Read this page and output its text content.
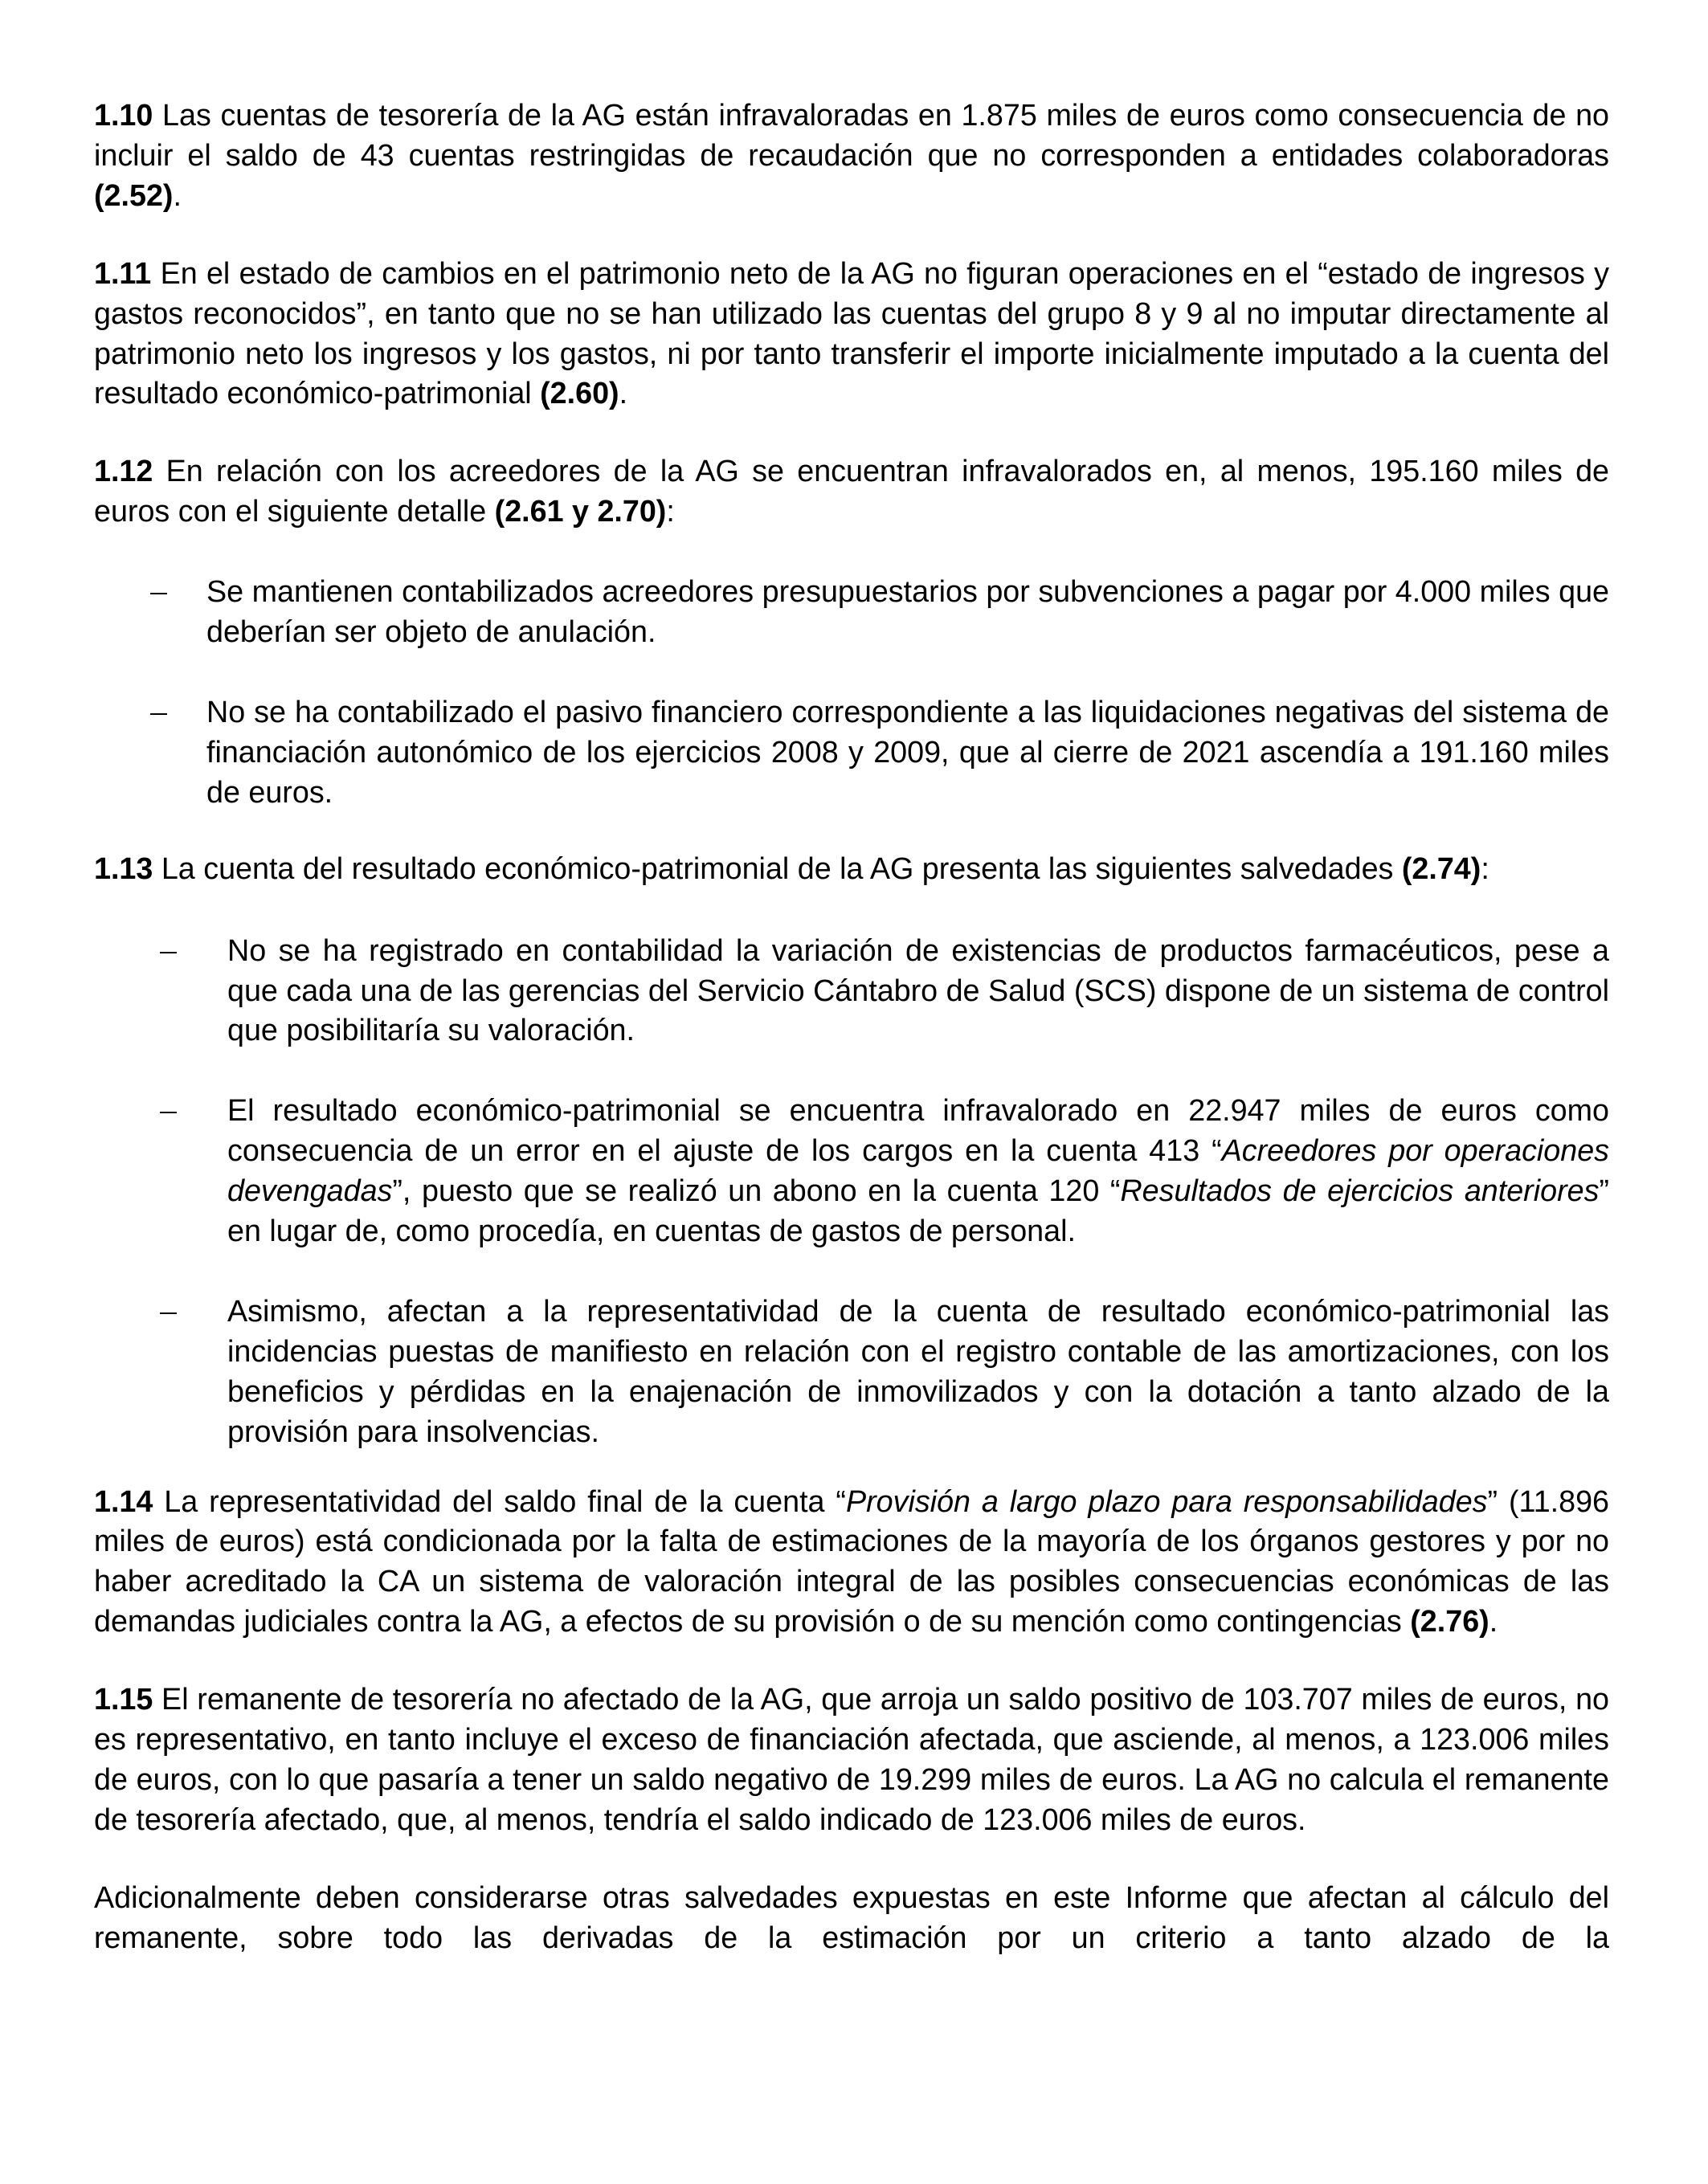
1.10 Las cuentas de tesorería de la AG están infravaloradas en 1.875 miles de euros como consecuencia de no incluir el saldo de 43 cuentas restringidas de recaudación que no corresponden a entidades colaboradoras (2.52).

1.11 En el estado de cambios en el patrimonio neto de la AG no figuran operaciones en el “estado de ingresos y gastos reconocidos”, en tanto que no se han utilizado las cuentas del grupo 8 y 9 al no imputar directamente al patrimonio neto los ingresos y los gastos, ni por tanto transferir el importe inicialmente imputado a la cuenta del resultado económico-patrimonial (2.60).

1.12 En relación con los acreedores de la AG se encuentran infravalorados en, al menos, 195.160 miles de euros con el siguiente detalle (2.61 y 2.70):

Se mantienen contabilizados acreedores presupuestarios por subvenciones a pagar por 4.000 miles que deberían ser objeto de anulación.
No se ha contabilizado el pasivo financiero correspondiente a las liquidaciones negativas del sistema de financiación autonómico de los ejercicios 2008 y 2009, que al cierre de 2021 ascendía a 191.160 miles de euros.

1.13 La cuenta del resultado económico-patrimonial de la AG presenta las siguientes salvedades (2.74):

No se ha registrado en contabilidad la variación de existencias de productos farmacéuticos, pese a que cada una de las gerencias del Servicio Cántabro de Salud (SCS) dispone de un sistema de control que posibilitaría su valoración.
El resultado económico-patrimonial se encuentra infravalorado en 22.947 miles de euros como consecuencia de un error en el ajuste de los cargos en la cuenta 413 “Acreedores por operaciones devengadas”, puesto que se realizó un abono en la cuenta 120 “Resultados de ejercicios anteriores” en lugar de, como procedía, en cuentas de gastos de personal.
Asimismo, afectan a la representatividad de la cuenta de resultado económico-patrimonial las incidencias puestas de manifiesto en relación con el registro contable de las amortizaciones, con los beneficios y pérdidas en la enajenación de inmovilizados y con la dotación a tanto alzado de la provisión para insolvencias.

1.14 La representatividad del saldo final de la cuenta “Provisión a largo plazo para responsabilidades” (11.896 miles de euros) está condicionada por la falta de estimaciones de la mayoría de los órganos gestores y por no haber acreditado la CA un sistema de valoración integral de las posibles consecuencias económicas de las demandas judiciales contra la AG, a efectos de su provisión o de su mención como contingencias (2.76).

1.15 El remanente de tesorería no afectado de la AG, que arroja un saldo positivo de 103.707 miles de euros, no es representativo, en tanto incluye el exceso de financiación afectada, que asciende, al menos, a 123.006 miles de euros, con lo que pasaría a tener un saldo negativo de 19.299 miles de euros. La AG no calcula el remanente de tesorería afectado, que, al menos, tendría el saldo indicado de 123.006 miles de euros.

Adicionalmente deben considerarse otras salvedades expuestas en este Informe que afectan al cálculo del remanente, sobre todo las derivadas de la estimación por un criterio a tanto alzado de la
